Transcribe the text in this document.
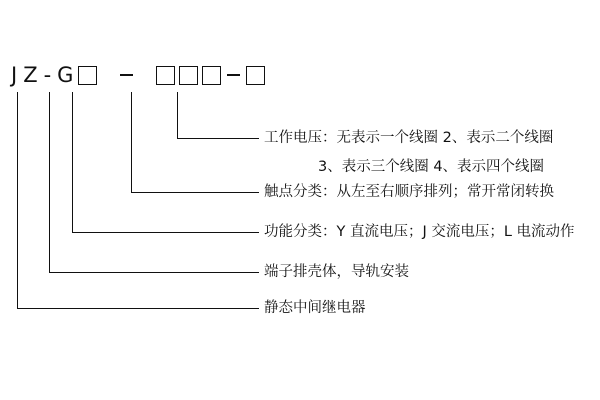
J Z - G
工作电压：无表示一个线圈 2、表示二个线圈
3、表示三个线圈 4、表示四个线圈
触点分类：从左至右顺序排列；常开常闭转换
功能分类：Y 直流电压；J 交流电压；L 电流动作
端子排壳体，导轨安装
静态中间继电器
